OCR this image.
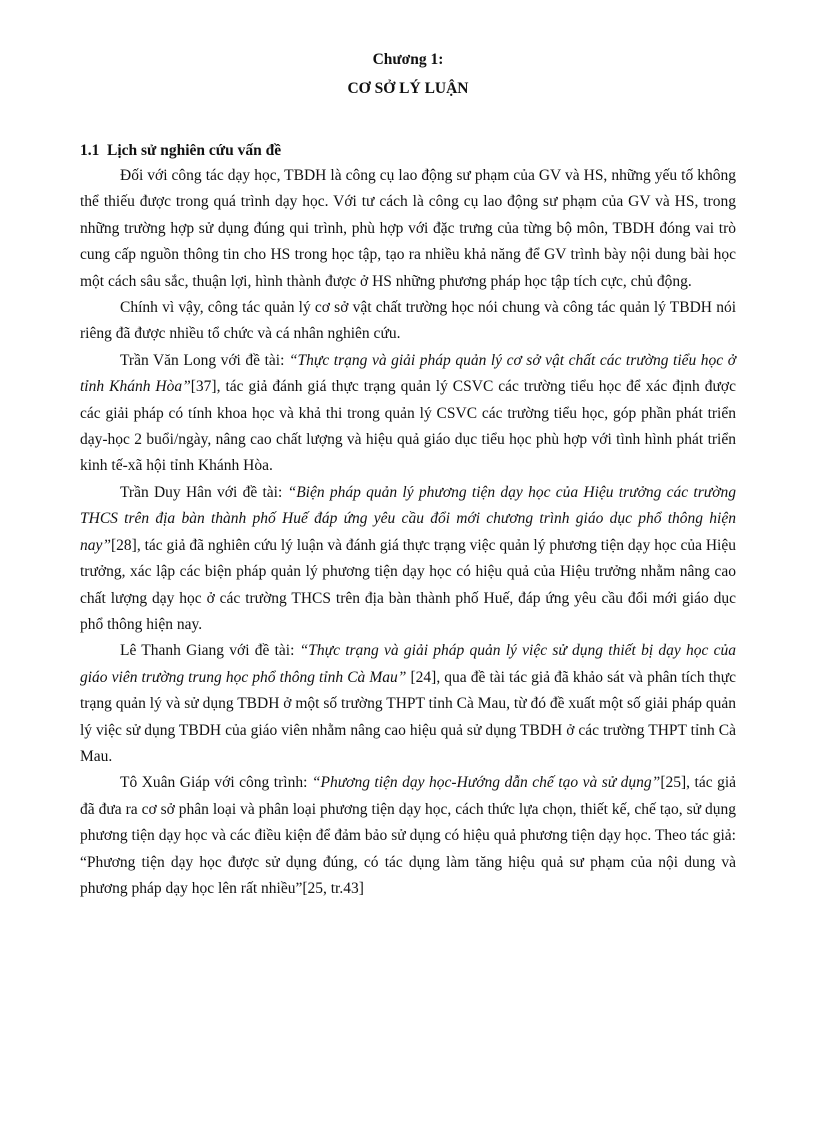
Chương 1:
CƠ SỞ LÝ LUẬN
1.1 Lịch sử nghiên cứu vấn đề

Đối với công tác dạy học, TBDH là công cụ lao động sư phạm của GV và HS, những yếu tố không thể thiếu được trong quá trình dạy học. Với tư cách là công cụ lao động sư phạm của GV và HS, trong những trường hợp sử dụng đúng qui trình, phù hợp với đặc trưng của từng bộ môn, TBDH đóng vai trò cung cấp nguồn thông tin cho HS trong học tập, tạo ra nhiều khả năng để GV trình bày nội dung bài học một cách sâu sắc, thuận lợi, hình thành được ở HS những phương pháp học tập tích cực, chủ động.

Chính vì vậy, công tác quản lý cơ sở vật chất trường học nói chung và công tác quản lý TBDH nói riêng đã được nhiều tổ chức và cá nhân nghiên cứu.

Trần Văn Long với đề tài: “Thực trạng và giải pháp quản lý cơ sở vật chất các trường tiểu học ở tỉnh Khánh Hòa”[37], tác giả đánh giá thực trạng quản lý CSVC các trường tiểu học để xác định được các giải pháp có tính khoa học và khả thi trong quản lý CSVC các trường tiểu học, góp phần phát triển dạy-học 2 buổi/ngày, nâng cao chất lượng và hiệu quả giáo dục tiểu học phù hợp với tình hình phát triển kinh tế-xã hội tỉnh Khánh Hòa.

Trần Duy Hân với đề tài: “Biện pháp quản lý phương tiện dạy học của Hiệu trưởng các trường THCS trên địa bàn thành phố Huế đáp ứng yêu cầu đổi mới chương trình giáo dục phổ thông hiện nay”[28], tác giả đã nghiên cứu lý luận và đánh giá thực trạng việc quản lý phương tiện dạy học của Hiệu trưởng, xác lập các biện pháp quản lý phương tiện dạy học có hiệu quả của Hiệu trưởng nhằm nâng cao chất lượng dạy học ở các trường THCS trên địa bàn thành phố Huế, đáp ứng yêu cầu đổi mới giáo dục phổ thông hiện nay.

Lê Thanh Giang với đề tài: “Thực trạng và giải pháp quản lý việc sử dụng thiết bị dạy học của giáo viên trường trung học phổ thông tỉnh Cà Mau” [24], qua đề tài tác giả đã khảo sát và phân tích thực trạng quản lý và sử dụng TBDH ở một số trường THPT tỉnh Cà Mau, từ đó đề xuất một số giải pháp quản lý việc sử dụng TBDH của giáo viên nhằm nâng cao hiệu quả sử dụng TBDH ở các trường THPT tỉnh Cà Mau.

Tô Xuân Giáp với công trình: “Phương tiện dạy học-Hướng dẫn chế tạo và sử dụng”[25], tác giả đã đưa ra cơ sở phân loại và phân loại phương tiện dạy học, cách thức lựa chọn, thiết kế, chế tạo, sử dụng phương tiện dạy học và các điều kiện để đảm bảo sử dụng có hiệu quả phương tiện dạy học. Theo tác giả: “Phương tiện dạy học được sử dụng đúng, có tác dụng làm tăng hiệu quả sư phạm của nội dung và phương pháp dạy học lên rất nhiều”[25, tr.43]
